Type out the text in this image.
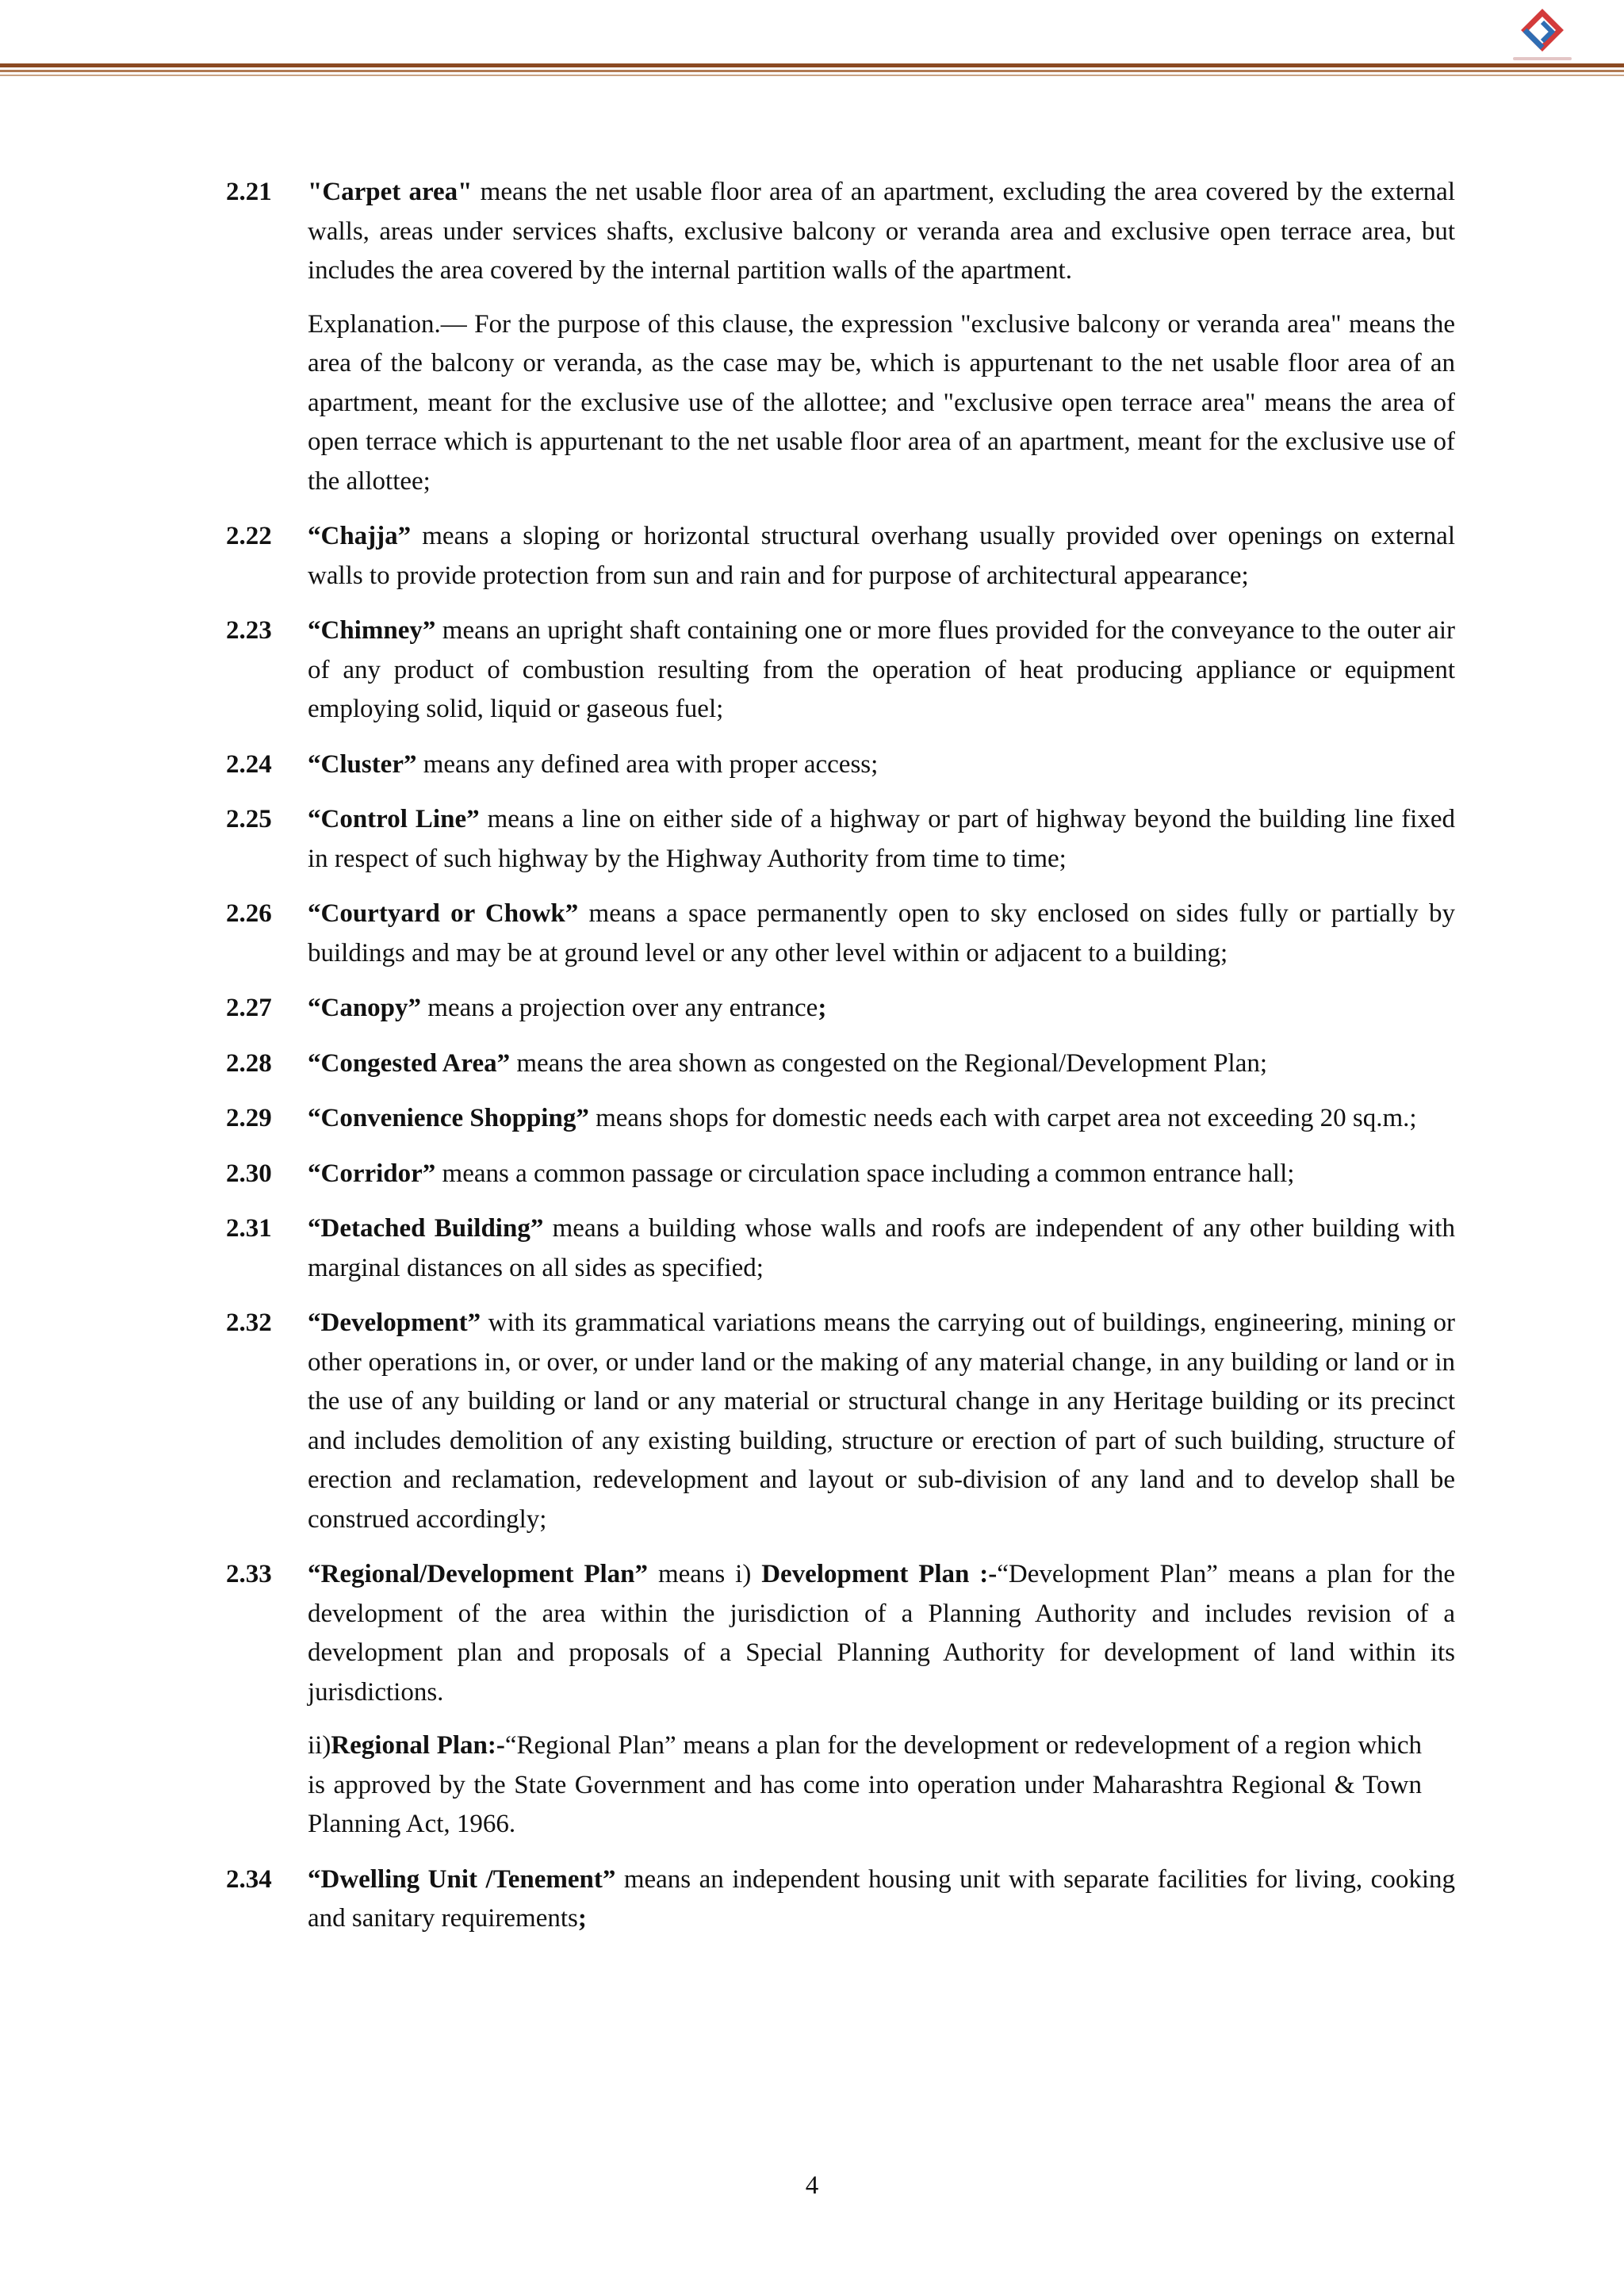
2.21 "Carpet area" means the net usable floor area of an apartment, excluding the area covered by the external walls, areas under services shafts, exclusive balcony or veranda area and exclusive open terrace area, but includes the area covered by the internal partition walls of the apartment.

Explanation.— For the purpose of this clause, the expression "exclusive balcony or veranda area" means the area of the balcony or veranda, as the case may be, which is appurtenant to the net usable floor area of an apartment, meant for the exclusive use of the allottee; and "exclusive open terrace area" means the area of open terrace which is appurtenant to the net usable floor area of an apartment, meant for the exclusive use of the allottee;

2.22 “Chajja” means a sloping or horizontal structural overhang usually provided over openings on external walls to provide protection from sun and rain and for purpose of architectural appearance;

2.23 “Chimney” means an upright shaft containing one or more flues provided for the conveyance to the outer air of any product of combustion resulting from the operation of heat producing appliance or equipment employing solid, liquid or gaseous fuel;

2.24 “Cluster” means any defined area with proper access;

2.25 “Control Line” means a line on either side of a highway or part of highway beyond the building line fixed in respect of such highway by the Highway Authority from time to time;

2.26 “Courtyard or Chowk” means a space permanently open to sky enclosed on sides fully or partially by buildings and may be at ground level or any other level within or adjacent to a building;

2.27 “Canopy” means a projection over any entrance;

2.28 “Congested Area” means the area shown as congested on the Regional/Development Plan;

2.29 “Convenience Shopping” means shops for domestic needs each with carpet area not exceeding 20 sq.m.;

2.30 “Corridor” means a common passage or circulation space including a common entrance hall;

2.31 “Detached Building” means a building whose walls and roofs are independent of any other building with marginal distances on all sides as specified;

2.32 “Development” with its grammatical variations means the carrying out of buildings, engineering, mining or other operations in, or over, or under land or the making of any material change, in any building or land or in the use of any building or land or any material or structural change in any Heritage building or its precinct and includes demolition of any existing building, structure or erection of part of such building, structure of erection and reclamation, redevelopment and layout or sub-division of any land and to develop shall be construed accordingly;

2.33 “Regional/Development Plan” means i) Development Plan :-“Development Plan” means a plan for the development of the area within the jurisdiction of a Planning Authority and includes revision of a development plan and proposals of a Special Planning Authority for development of land within its jurisdictions.

ii)Regional Plan:-“Regional Plan” means a plan for the development or redevelopment of a region which is approved by the State Government and has come into operation under Maharashtra Regional & Town Planning Act, 1966.

2.34 “Dwelling Unit /Tenement” means an independent housing unit with separate facilities for living, cooking and sanitary requirements;

4
